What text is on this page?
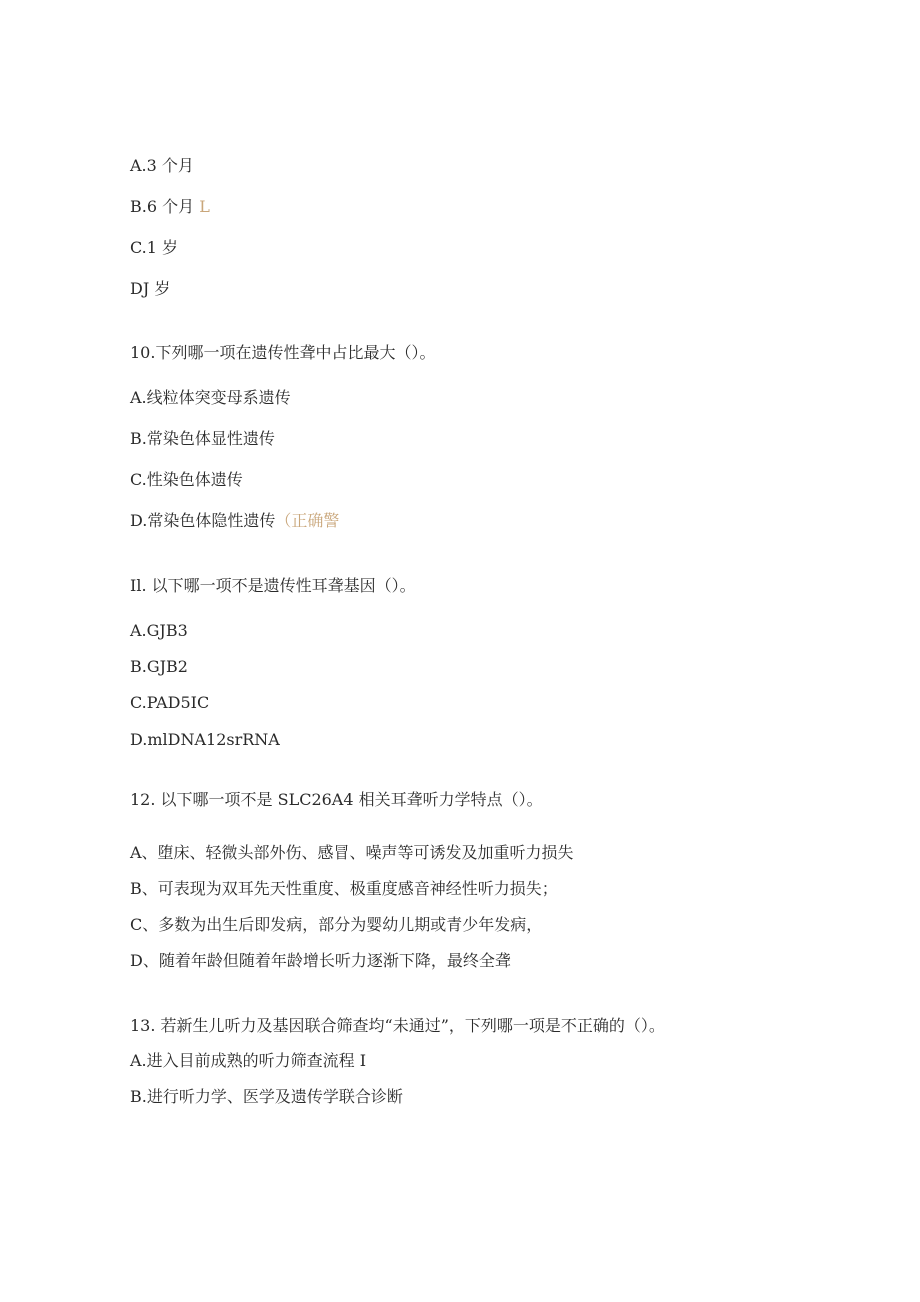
A.3 个月
B.6 个月 L
C.1 岁
DJ 岁
10.下列哪一项在遗传性聋中占比最大（）。
A.线粒体突变母系遗传
B.常染色体显性遗传
C.性染色体遗传
D.常染色体隐性遗传（正确警
Il. 以下哪一项不是遗传性耳聋基因（）。
A.GJB3
B.GJB2
C.PAD5IC
D.mlDNA12srRNA
12. 以下哪一项不是 SLC26A4 相关耳聋听力学特点（）。
A、堕床、轻微头部外伤、感冒、噪声等可诱发及加重听力损失
B、可表现为双耳先天性重度、极重度感音神经性听力损失；
C、多数为出生后即发病，部分为婴幼儿期或青少年发病，
D、随着年龄但随着年龄增长听力逐渐下降，最终全聋
13. 若新生儿听力及基因联合筛查均“未通过”，下列哪一项是不正确的（）。
A.进入目前成熟的听力筛查流程 I
B.进行听力学、医学及遗传学联合诊断
